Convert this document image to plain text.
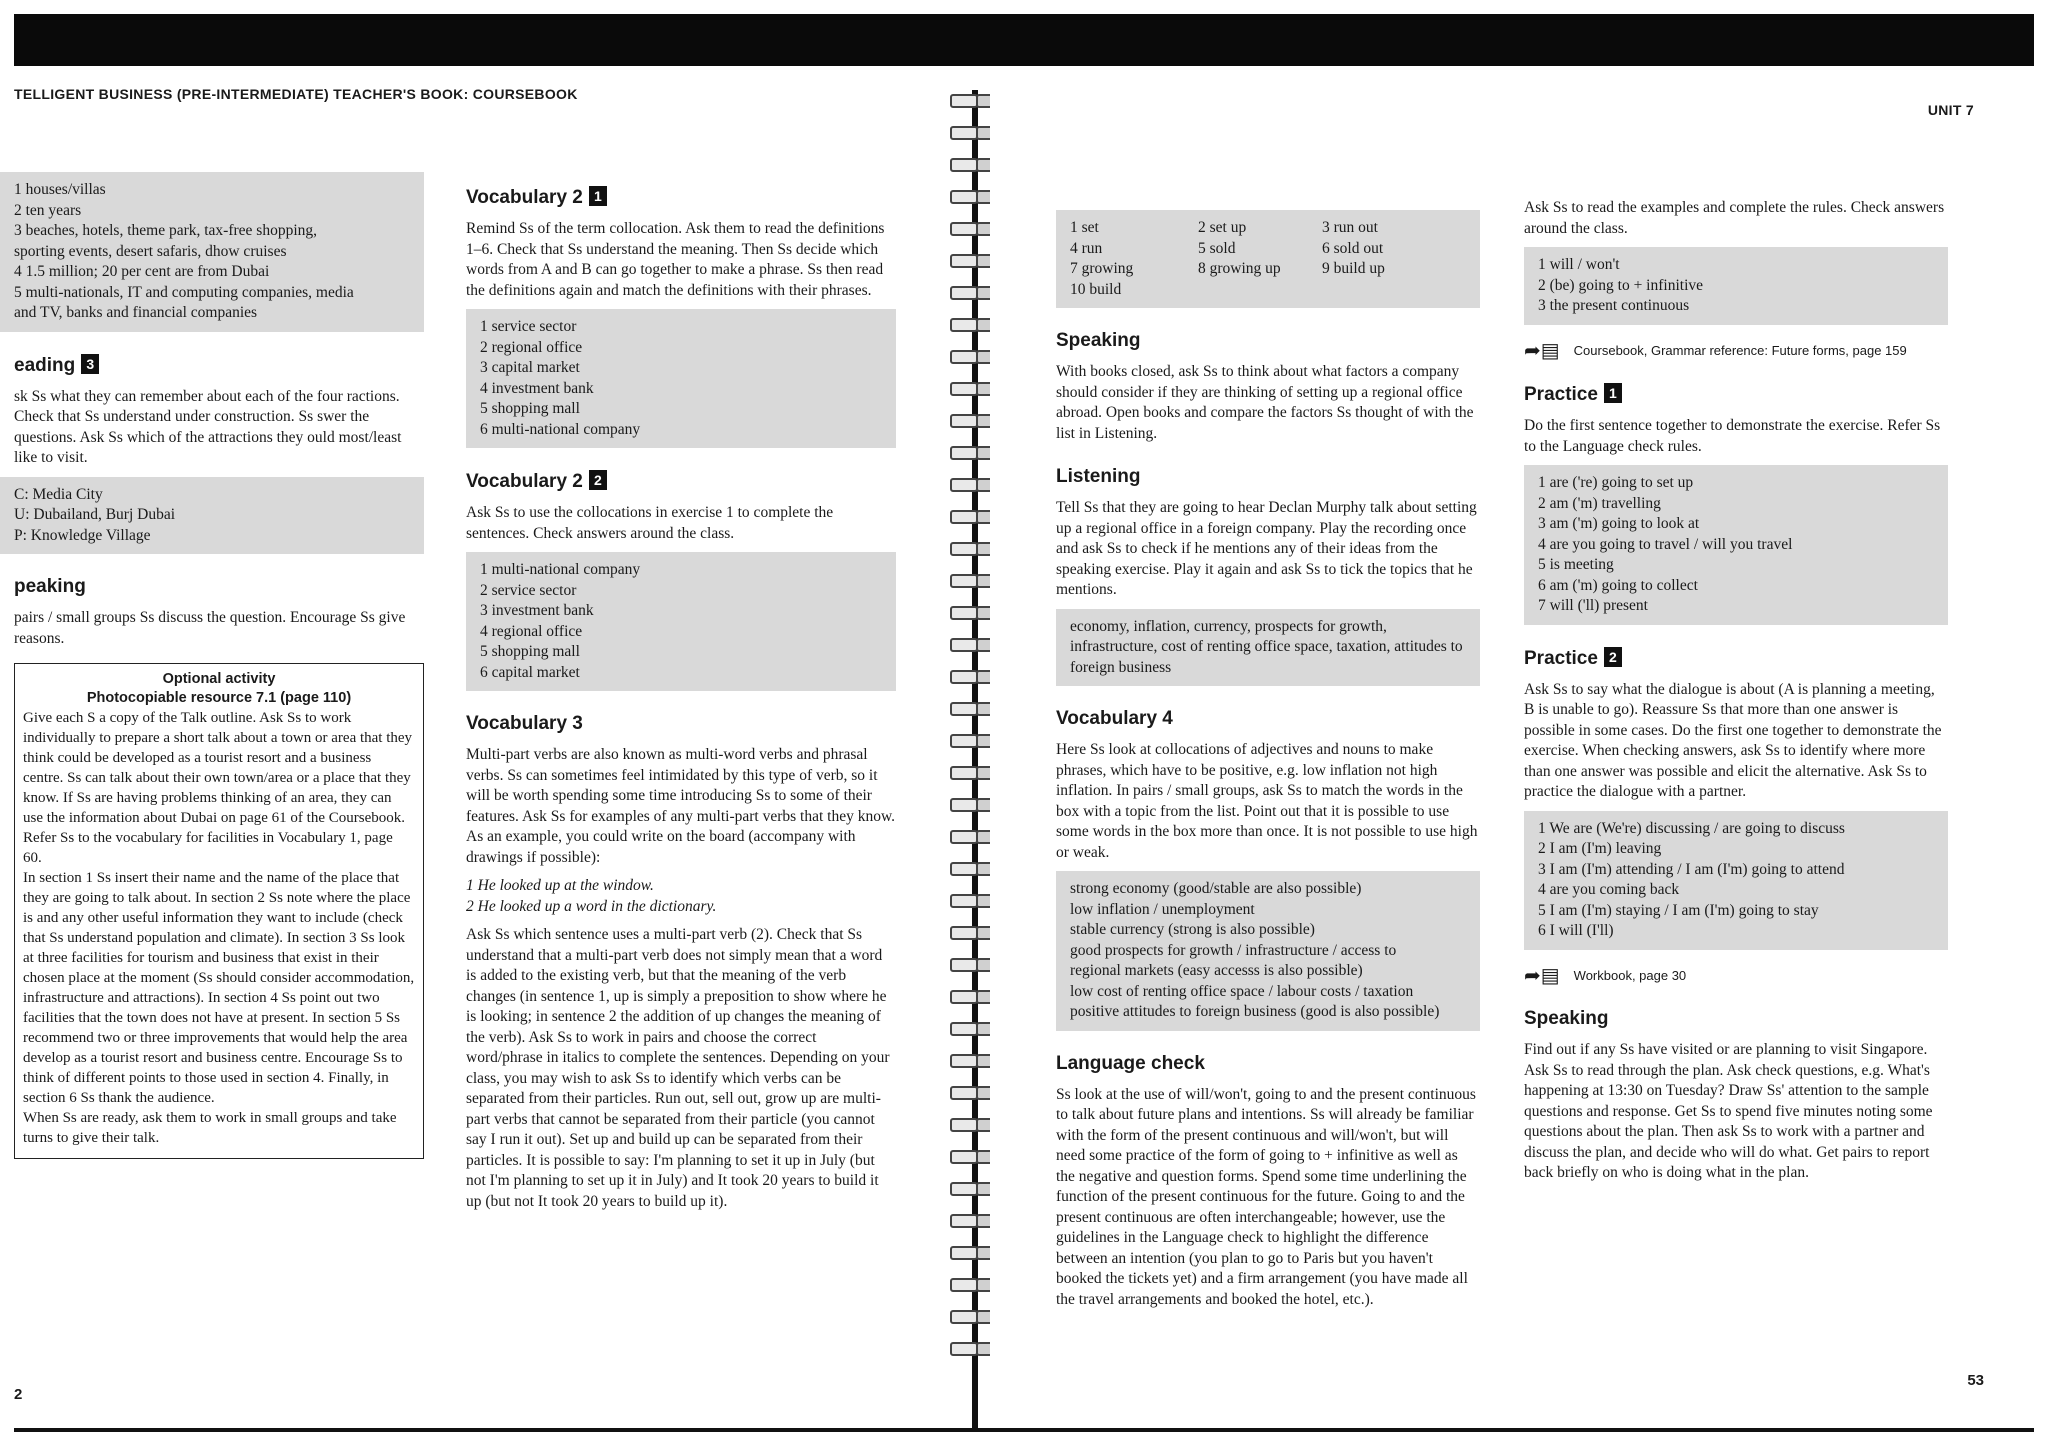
TELLIGENT BUSINESS (PRE-INTERMEDIATE) TEACHER'S BOOK: COURSEBOOK
1 houses/villas
2 ten years
3 beaches, hotels, theme park, tax-free shopping,
sporting events, desert safaris, dhow cruises
4 1.5 million; 20 per cent are from Dubai
5 multi-nationals, IT and computing companies, media
and TV, banks and financial companies
eading 3

sk Ss what they can remember about each of the four ractions. Check that Ss understand under construction. Ss swer the questions. Ask Ss which of the attractions they ould most/least like to visit.

C: Media City
U: Dubailand, Burj Dubai
P: Knowledge Village
peaking

pairs / small groups Ss discuss the question. Encourage Ss give reasons.

Optional activity
Photocopiable resource 7.1 (page 110)
Give each S a copy of the Talk outline. Ask Ss to work individually to prepare a short talk about a town or area that they think could be developed as a tourist resort and a business centre. Ss can talk about their own town/area or a place that they know. If Ss are having problems thinking of an area, they can use the information about Dubai on page 61 of the Coursebook. Refer Ss to the vocabulary for facilities in Vocabulary 1, page 60.
In section 1 Ss insert their name and the name of the place that they are going to talk about. In section 2 Ss note where the place is and any other useful information they want to include (check that Ss understand population and climate). In section 3 Ss look at three facilities for tourism and business that exist in their chosen place at the moment (Ss should consider accommodation, infrastructure and attractions). In section 4 Ss point out two facilities that the town does not have at present. In section 5 Ss recommend two or three improvements that would help the area develop as a tourist resort and business centre. Encourage Ss to think of different points to those used in section 4. Finally, in section 6 Ss thank the audience.
When Ss are ready, ask them to work in small groups and take turns to give their talk.
Vocabulary 2 1

Remind Ss of the term collocation. Ask them to read the definitions 1–6. Check that Ss understand the meaning. Then Ss decide which words from A and B can go together to make a phrase. Ss then read the definitions again and match the definitions with their phrases.

1 service sector
2 regional office
3 capital market
4 investment bank
5 shopping mall
6 multi-national company
Vocabulary 2 2

Ask Ss to use the collocations in exercise 1 to complete the sentences. Check answers around the class.

1 multi-national company
2 service sector
3 investment bank
4 regional office
5 shopping mall
6 capital market
Vocabulary 3

Multi-part verbs are also known as multi-word verbs and phrasal verbs. Ss can sometimes feel intimidated by this type of verb, so it will be worth spending some time introducing Ss to some of their features. Ask Ss for examples of any multi-part verbs that they know. As an example, you could write on the board (accompany with drawings if possible):

1 He looked up at the window.

2 He looked up a word in the dictionary.

Ask Ss which sentence uses a multi-part verb (2). Check that Ss understand that a multi-part verb does not simply mean that a word is added to the existing verb, but that the meaning of the verb changes (in sentence 1, up is simply a preposition to show where he is looking; in sentence 2 the addition of up changes the meaning of the verb). Ask Ss to work in pairs and choose the correct word/phrase in italics to complete the sentences. Depending on your class, you may wish to ask Ss to identify which verbs can be separated from their particles. Run out, sell out, grow up are multi-part verbs that cannot be separated from their particle (you cannot say I run it out). Set up and build up can be separated from their particles. It is possible to say: I'm planning to set it up in July (but not I'm planning to set up it in July) and It took 20 years to build it up (but not It took 20 years to build up it).

2
UNIT 7
1 set	2 set up	3 run out
4 run	5 sold	6 sold out
7 growing	8 growing up	9 build up
10 build
Speaking

With books closed, ask Ss to think about what factors a company should consider if they are thinking of setting up a regional office abroad. Open books and compare the factors Ss thought of with the list in Listening.

Listening

Tell Ss that they are going to hear Declan Murphy talk about setting up a regional office in a foreign company. Play the recording once and ask Ss to check if he mentions any of their ideas from the speaking exercise. Play it again and ask Ss to tick the topics that he mentions.

economy, inflation, currency, prospects for growth, infrastructure, cost of renting office space, taxation, attitudes to foreign business
Vocabulary 4

Here Ss look at collocations of adjectives and nouns to make phrases, which have to be positive, e.g. low inflation not high inflation. In pairs / small groups, ask Ss to match the words in the box with a topic from the list. Point out that it is possible to use some words in the box more than once. It is not possible to use high or weak.

strong economy (good/stable are also possible)
low inflation / unemployment
stable currency (strong is also possible)
good prospects for growth / infrastructure / access to
regional markets (easy accesss is also possible)
low cost of renting office space / labour costs / taxation
positive attitudes to foreign business (good is also possible)
Language check

Ss look at the use of will/won't, going to and the present continuous to talk about future plans and intentions. Ss will already be familiar with the form of the present continuous and will/won't, but will need some practice of the form of going to + infinitive as well as the negative and question forms. Spend some time underlining the function of the present continuous for the future. Going to and the present continuous are often interchangeable; however, use the guidelines in the Language check to highlight the difference between an intention (you plan to go to Paris but you haven't booked the tickets yet) and a firm arrangement (you have made all the travel arrangements and booked the hotel, etc.).

Ask Ss to read the examples and complete the rules. Check answers around the class.

1 will / won't
2 (be) going to + infinitive
3 the present continuous
➦▤ Coursebook, Grammar reference: Future forms, page 159
Practice 1

Do the first sentence together to demonstrate the exercise. Refer Ss to the Language check rules.

1 are ('re) going to set up
2 am ('m) travelling
3 am ('m) going to look at
4 are you going to travel / will you travel
5 is meeting
6 am ('m) going to collect
7 will ('ll) present
Practice 2

Ask Ss to say what the dialogue is about (A is planning a meeting, B is unable to go). Reassure Ss that more than one answer is possible in some cases. Do the first one together to demonstrate the exercise. When checking answers, ask Ss to identify where more than one answer was possible and elicit the alternative. Ask Ss to practice the dialogue with a partner.

1 We are (We're) discussing / are going to discuss
2 I am (I'm) leaving
3 I am (I'm) attending / I am (I'm) going to attend
4 are you coming back
5 I am (I'm) staying / I am (I'm) going to stay
6 I will (I'll)
➦▤ Workbook, page 30
Speaking

Find out if any Ss have visited or are planning to visit Singapore. Ask Ss to read through the plan. Ask check questions, e.g. What's happening at 13:30 on Tuesday? Draw Ss' attention to the sample questions and response. Get Ss to spend five minutes noting some questions about the plan. Then ask Ss to work with a partner and discuss the plan, and decide who will do what. Get pairs to report back briefly on who is doing what in the plan.

53
